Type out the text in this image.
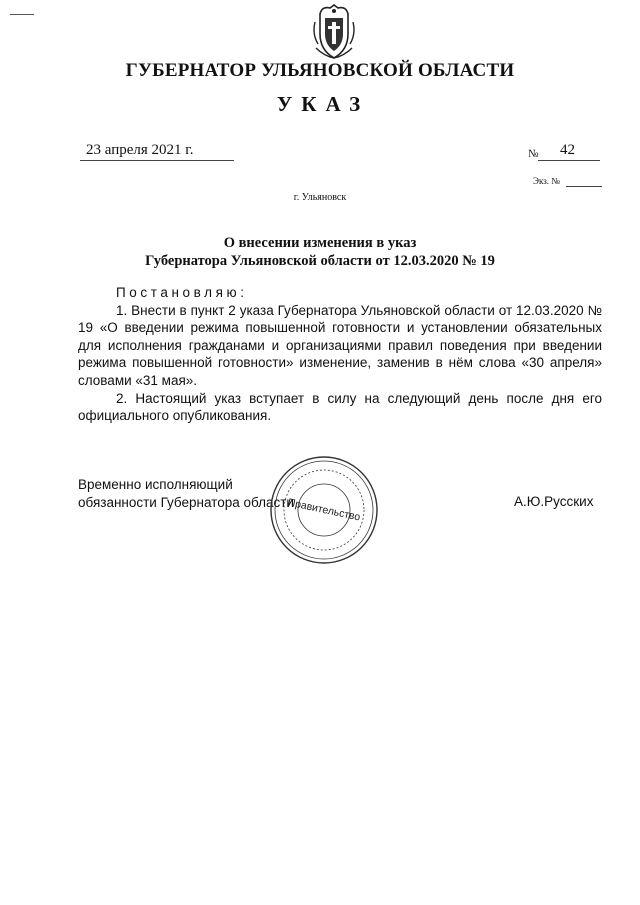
ГУБЕРНАТОР УЛЬЯНОВСКОЙ ОБЛАСТИ
УКАЗ
23 апреля 2021 г.	№ 42
Экз. №
г. Ульяновск
О внесении изменения в указ
Губернатора Ульяновской области от 12.03.2020 № 19

Постановляю:

1. Внести в пункт 2 указа Губернатора Ульяновской области от 12.03.2020 № 19 «О введении режима повышенной готовности и установлении обязательных для исполнения гражданами и организациями правил поведения при введении режима повышенной готовности» изменение, заменив в нём слова «30 апреля» словами «31 мая».

2. Настоящий указ вступает в силу на следующий день после дня его официального опубликования.

Временно исполняющий
обязанности Губернатора области
Правительство	А.Ю.Русских
